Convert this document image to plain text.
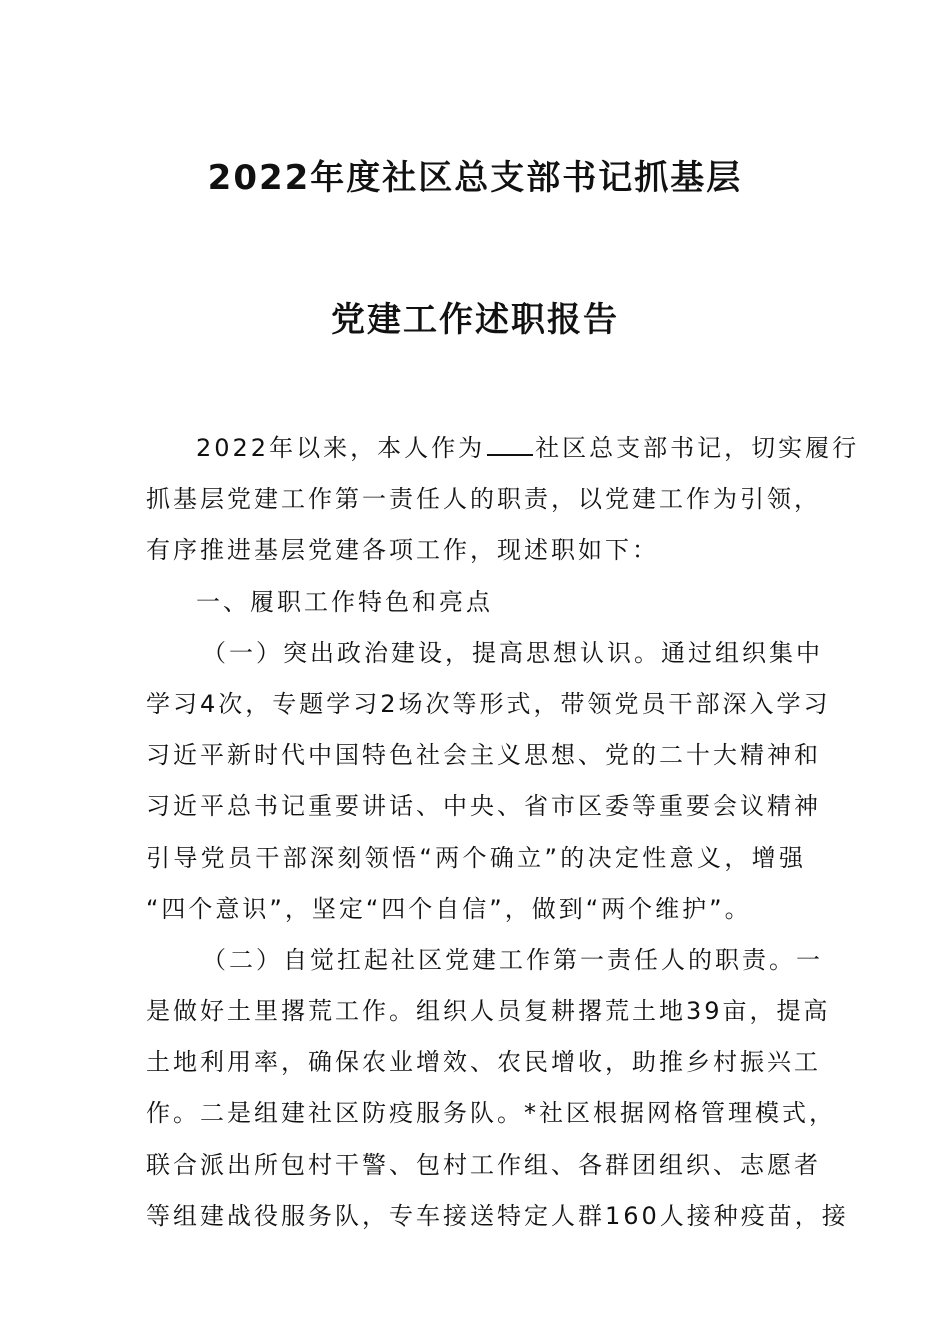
2022年度社区总支部书记抓基层
党建工作述职报告
2022年以来，本人作为 社区总支部书记，切实履行
抓基层党建工作第一责任人的职责，以党建工作为引领，
有序推进基层党建各项工作，现述职如下：
一、履职工作特色和亮点
（一）突出政治建设，提高思想认识。通过组织集中
学习4次，专题学习2场次等形式，带领党员干部深入学习
习近平新时代中国特色社会主义思想、党的二十大精神和
习近平总书记重要讲话、中央、省市区委等重要会议精神
引导党员干部深刻领悟“两个确立”的决定性意义，增强
“四个意识”，坚定“四个自信”，做到“两个维护”。
（二）自觉扛起社区党建工作第一责任人的职责。一
是做好土里撂荒工作。组织人员复耕撂荒土地39亩，提高
土地利用率，确保农业增效、农民增收，助推乡村振兴工
作。二是组建社区防疫服务队。*社区根据网格管理模式，
联合派出所包村干警、包村工作组、各群团组织、志愿者
等组建战役服务队，专车接送特定人群160人接种疫苗，接
